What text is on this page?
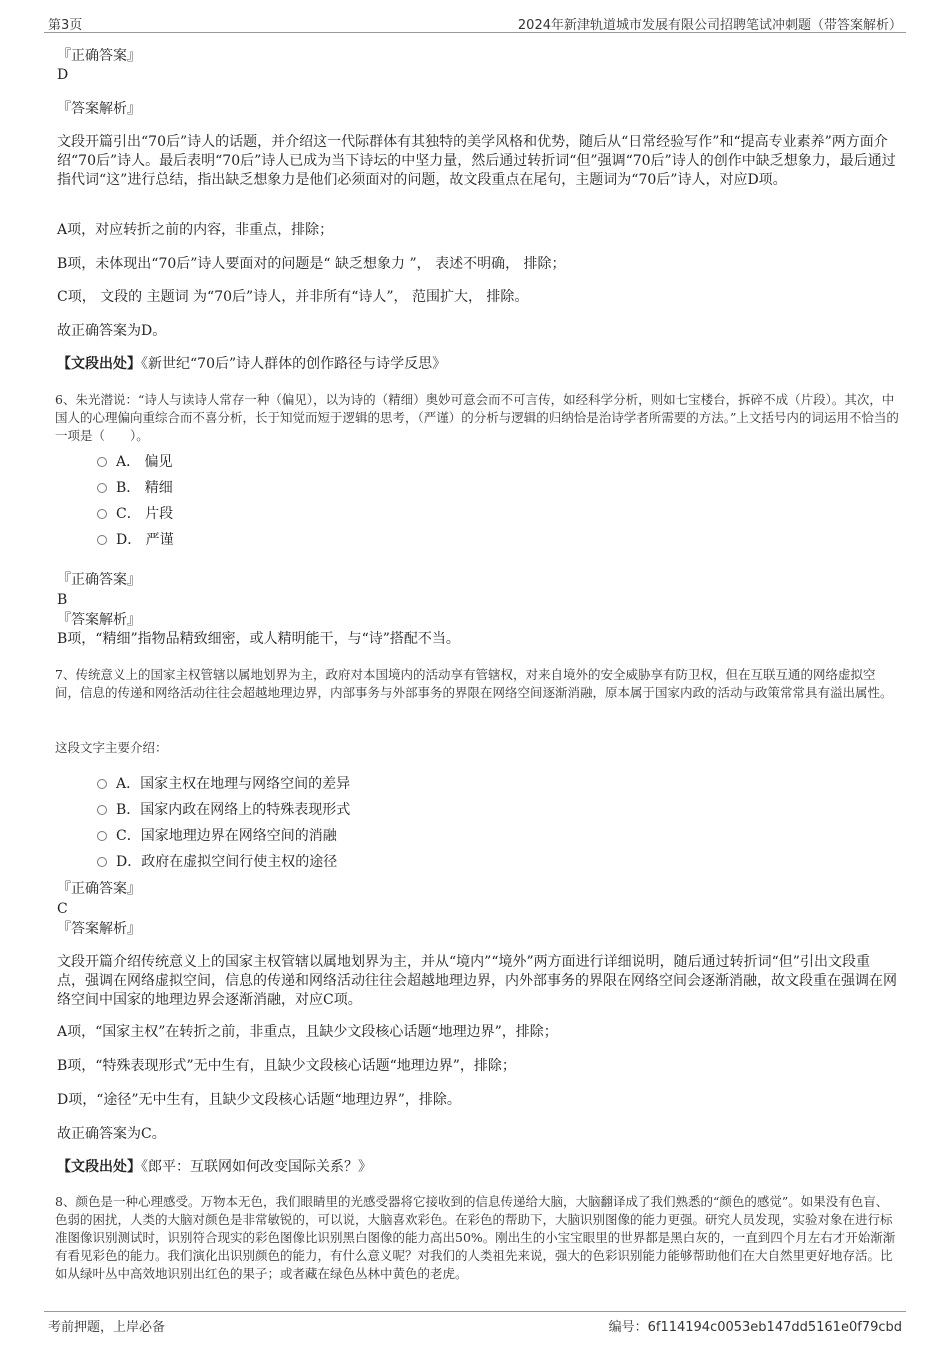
第3页	2024年新津轨道城市发展有限公司招聘笔试冲刺题（带答案解析）
『正确答案』
D
『答案解析』
文段开篇引出“70后”诗人的话题，并介绍这一代际群体有其独特的美学风格和优势，随后从“日常经验写作”和“提高专业素养”两方面介绍“70后”诗人。最后表明“70后”诗人已成为当下诗坛的中坚力量，然后通过转折词“但”强调“70后”诗人的创作中缺乏想象力，最后通过指代词“这”进行总结，指出缺乏想象力是他们必须面对的问题，故文段重点在尾句，主题词为“70后”诗人，对应D项。
A项，对应转折之前的内容，非重点，排除；
B项，未体现出“70后”诗人要面对的问题是“ 缺乏想象力 ”， 表述不明确， 排除；
C项， 文段的 主题词 为“70后”诗人，并非所有“诗人”， 范围扩大， 排除。
故正确答案为D。
【文段出处】《新世纪“70后”诗人群体的创作路径与诗学反思》
6、朱光潜说：“诗人与读诗人常存一种（偏见），以为诗的（精细）奥妙可意会而不可言传，如经科学分析，则如七宝楼台，拆碎不成（片段）。其次，中国人的心理偏向重综合而不喜分析，长于知觉而短于逻辑的思考，（严谨）的分析与逻辑的归纳恰是治诗学者所需要的方法。”上文括号内的词运用不恰当的一项是（　　）。
A． 偏见
B． 精细
C． 片段
D． 严谨
『正确答案』
B
『答案解析』
B项，“精细”指物品精致细密，或人精明能干，与“诗”搭配不当。
7、传统意义上的国家主权管辖以属地划界为主，政府对本国境内的活动享有管辖权，对来自境外的安全威胁享有防卫权，但在互联互通的网络虚拟空间，信息的传递和网络活动往往会超越地理边界，内部事务与外部事务的界限在网络空间逐渐消融，原本属于国家内政的活动与政策常常具有溢出属性。
这段文字主要介绍：
A．国家主权在地理与网络空间的差异
B．国家内政在网络上的特殊表现形式
C．国家地理边界在网络空间的消融
D．政府在虚拟空间行使主权的途径
『正确答案』
C
『答案解析』
文段开篇介绍传统意义上的国家主权管辖以属地划界为主，并从“境内”“境外”两方面进行详细说明，随后通过转折词“但”引出文段重点，强调在网络虚拟空间，信息的传递和网络活动往往会超越地理边界，内外部事务的界限在网络空间会逐渐消融，故文段重在强调在网络空间中国家的地理边界会逐渐消融，对应C项。
A项，“国家主权”在转折之前，非重点，且缺少文段核心话题“地理边界”，排除；
B项，“特殊表现形式”无中生有，且缺少文段核心话题“地理边界”，排除；
D项，“途径”无中生有，且缺少文段核心话题“地理边界”，排除。
故正确答案为C。
【文段出处】《郎平：互联网如何改变国际关系？》
8、颜色是一种心理感受。万物本无色，我们眼睛里的光感受器将它接收到的信息传递给大脑，大脑翻译成了我们熟悉的“颜色的感觉”。如果没有色盲、色弱的困扰，人类的大脑对颜色是非常敏锐的，可以说，大脑喜欢彩色。在彩色的帮助下，大脑识别图像的能力更强。研究人员发现，实验对象在进行标准图像识别测试时，识别符合现实的彩色图像比识别黑白图像的能力高出50%。刚出生的小宝宝眼里的世界都是黑白灰的，一直到四个月左右才开始渐渐有看见彩色的能力。我们演化出识别颜色的能力，有什么意义呢？对我们的人类祖先来说，强大的色彩识别能力能够帮助他们在大自然里更好地存活。比如从绿叶丛中高效地识别出红色的果子；或者藏在绿色丛林中黄色的老虎。
考前押题，上岸必备	编号：6f114194c0053eb147dd5161e0f79cbd
